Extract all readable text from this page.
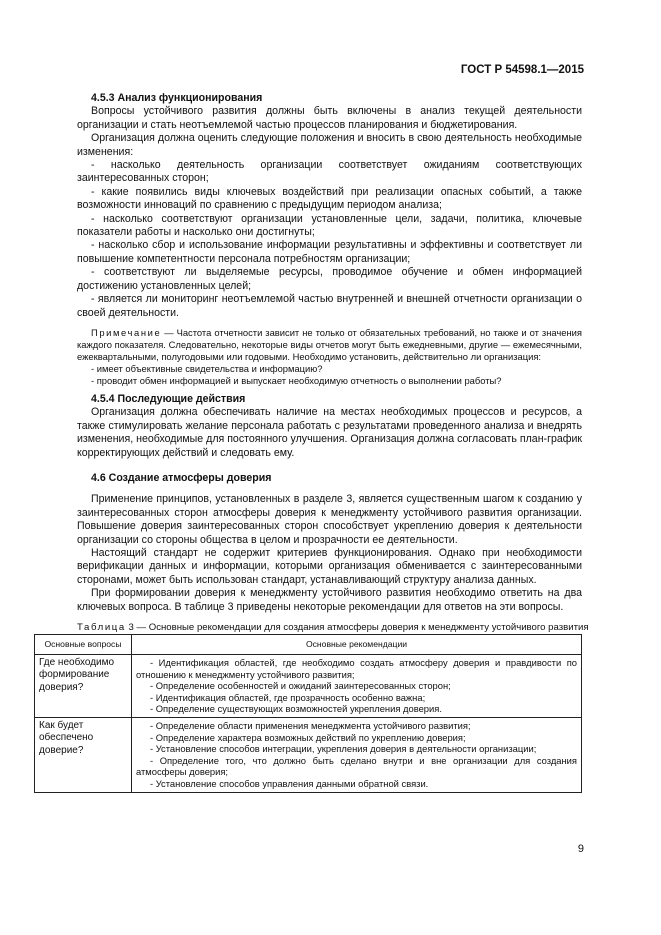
ГОСТ Р 54598.1—2015

4.5.3 Анализ функционирования

Вопросы устойчивого развития должны быть включены в анализ текущей деятельности организации и стать неотъемлемой частью процессов планирования и бюджетирования.

Организация должна оценить следующие положения и вносить в свою деятельность необходимые изменения:

- насколько деятельность организации соответствует ожиданиям соответствующих заинтересованных сторон;

- какие появились виды ключевых воздействий при реализации опасных событий, а также возможности инноваций по сравнению с предыдущим периодом анализа;

- насколько соответствуют организации установленные цели, задачи, политика, ключевые показатели работы и насколько они достигнуты;

- насколько сбор и использование информации результативны и эффективны и соответствует ли повышение компетентности персонала потребностям организации;

- соответствуют ли выделяемые ресурсы, проводимое обучение и обмен информацией достижению установленных целей;

- является ли мониторинг неотъемлемой частью внутренней и внешней отчетности организации о своей деятельности.

Примечание — Частота отчетности зависит не только от обязательных требований, но также и от значения каждого показателя. Следовательно, некоторые виды отчетов могут быть ежедневными, другие — ежемесячными, ежеквартальными, полугодовыми или годовыми. Необходимо установить, действительно ли организация:

- имеет объективные свидетельства и информацию?

- проводит обмен информацией и выпускает необходимую отчетность о выполнении работы?

4.5.4 Последующие действия

Организация должна обеспечивать наличие на местах необходимых процессов и ресурсов, а также стимулировать желание персонала работать с результатами проведенного анализа и внедрять изменения, необходимые для постоянного улучшения. Организация должна согласовать план-график корректирующих действий и следовать ему.

4.6 Создание атмосферы доверия

Применение принципов, установленных в разделе 3, является существенным шагом к созданию у заинтересованных сторон атмосферы доверия к менеджменту устойчивого развития организации. Повышение доверия заинтересованных сторон способствует укреплению доверия к деятельности организации со стороны общества в целом и прозрачности ее деятельности.

Настоящий стандарт не содержит критериев функционирования. Однако при необходимости верификации данных и информации, которыми организация обменивается с заинтересованными сторонами, может быть использован стандарт, устанавливающий структуру анализа данных.

При формировании доверия к менеджменту устойчивого развития необходимо ответить на два ключевых вопроса. В таблице 3 приведены некоторые рекомендации для ответов на эти вопросы.

Таблица 3 — Основные рекомендации для создания атмосферы доверия к менеджменту устойчивого развития

Основные вопросы	Основные рекомендации
Где необходимо формирование доверия?	- Идентификация областей, где необходимо создать атмосферу доверия и правдивости по отношению к менеджменту устойчивого развития;

- Определение особенностей и ожиданий заинтересованных сторон;

- Идентификация областей, где прозрачность особенно важна;

- Определение существующих возможностей укрепления доверия.

Как будет обеспечено доверие?	- Определение области применения менеджмента устойчивого развития;

- Определение характера возможных действий по укреплению доверия;

- Установление способов интеграции, укрепления доверия в деятельности организации;

- Определение того, что должно быть сделано внутри и вне организации для создания атмосферы доверия;

- Установление способов управления данными обратной связи.

9
